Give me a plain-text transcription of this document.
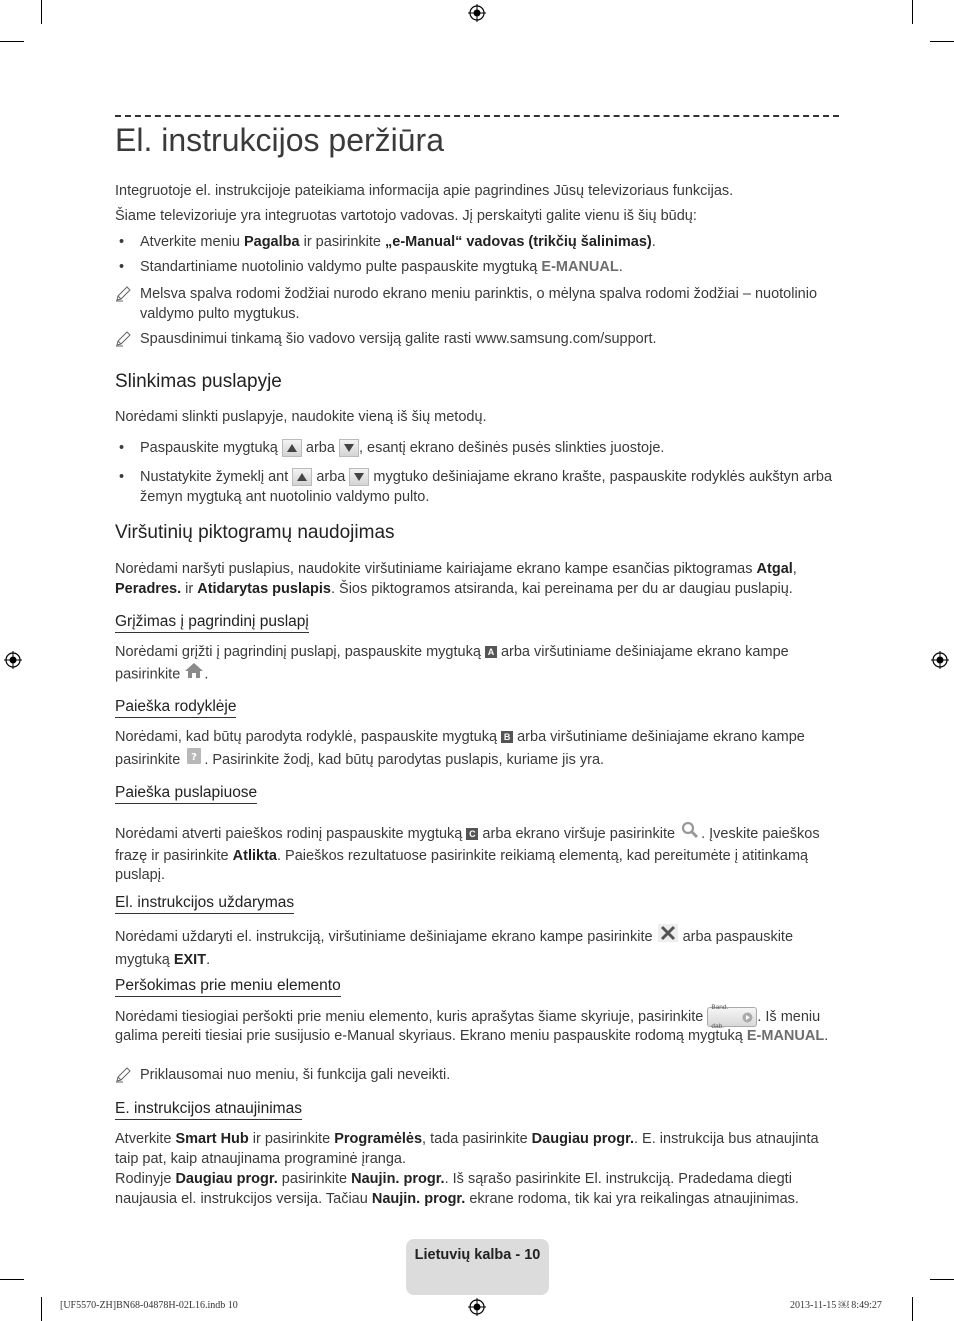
El. instrukcijos peržiūra

Integruotoje el. instrukcijoje pateikiama informacija apie pagrindines Jūsų televizoriaus funkcijas.

Šiame televizoriuje yra integruotas vartotojo vadovas. Jį perskaityti galite vienu iš šių būdų:

• Atverkite meniu Pagalba ir pasirinkite „e-Manual“ vadovas (trikčių šalinimas).
• Standartiniame nuotolinio valdymo pulte paspauskite mygtuką E-MANUAL.
Melsva spalva rodomi žodžiai nurodo ekrano meniu parinktis, o mėlyna spalva rodomi žodžiai – nuotolinio valdymo pulto mygtukus.
Spausdinimui tinkamą šio vadovo versiją galite rasti www.samsung.com/support.
Slinkimas puslapyje

Norėdami slinkti puslapyje, naudokite vieną iš šių metodų.

• Paspauskite mygtuką
arba
, esantį ekrano dešinės pusės slinkties juostoje.
• Nustatykite žymeklį ant
arba
mygtuko dešiniajame ekrano krašte, paspauskite rodyklės aukštyn arba žemyn mygtuką ant nuotolinio valdymo pulto.
Viršutinių piktogramų naudojimas

Norėdami naršyti puslapius, naudokite viršutiniame kairiajame ekrano kampe esančias piktogramas Atgal, Peradres. ir Atidarytas puslapis. Šios piktogramos atsiranda, kai pereinama per du ar daugiau puslapių.

Grįžimas į pagrindinį puslapį

Norėdami grįžti į pagrindinį puslapį, paspauskite mygtuką A arba viršutiniame dešiniajame ekrano kampe pasirinkite .

Paieška rodyklėje

Norėdami, kad būtų parodyta rodyklė, paspauskite mygtuką B arba viršutiniame dešiniajame ekrano kampe pasirinkite ? . Pasirinkite žodį, kad būtų parodytas puslapis, kuriame jis yra.

Paieška puslapiuose

Norėdami atverti paieškos rodinį paspauskite mygtuką C arba ekrano viršuje pasirinkite . Įveskite paieškos frazę ir pasirinkite Atlikta. Paieškos rezultatuose pasirinkite reikiamą elementą, kad pereitumėte į atitinkamą puslapį.

El. instrukcijos uždarymas

Norėdami uždaryti el. instrukciją, viršutiniame dešiniajame ekrano kampe pasirinkite  arba paspauskite mygtuką EXIT.

Peršokimas prie meniu elemento

Norėdami tiesiogiai peršokti prie meniu elemento, kuris aprašytas šiame skyriuje, pasirinkite
Band. dab.
. Iš meniu galima pereiti tiesiai prie susijusio e-Manual skyriaus. Ekrano meniu paspauskite rodomą mygtuką E-MANUAL.

Priklausomai nuo meniu, ši funkcija gali neveikti.
E. instrukcijos atnaujinimas

Atverkite Smart Hub ir pasirinkite Programėlės, tada pasirinkite Daugiau progr.. E. instrukcija bus atnaujinta taip pat, kaip atnaujinama programinė įranga.

Rodinyje Daugiau progr. pasirinkite Naujin. progr.. Iš sąrašo pasirinkite El. instrukciją. Pradedama diegti naujausia el. instrukcijos versija. Tačiau Naujin. progr. ekrane rodoma, tik kai yra reikalingas atnaujinimas.

Lietuvių kalba - 10
[UF5570-ZH]BN68-04878H-02L16.indb 10	2013-11-15 ￼ 8:49:27
